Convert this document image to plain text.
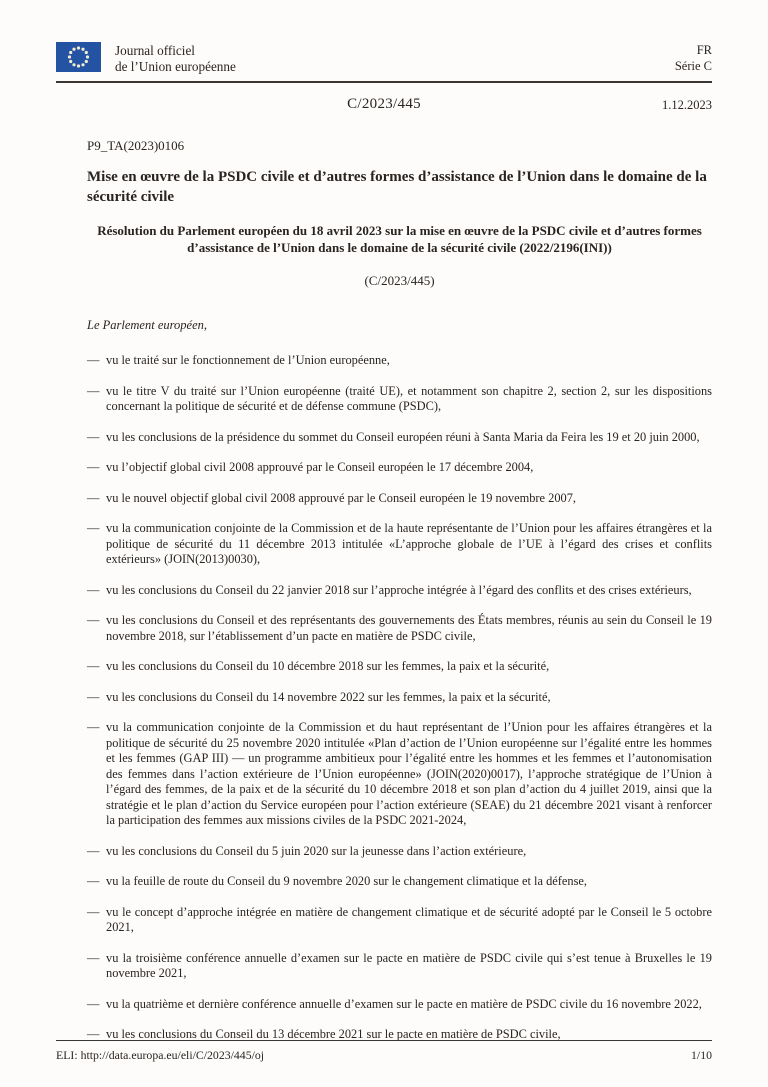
Journal officiel
de l’Union européenne
FR
Série C
C/2023/445	1.12.2023
P9_TA(2023)0106
Mise en œuvre de la PSDC civile et d’autres formes d’assistance de l’Union dans le domaine de la sécurité civile
Résolution du Parlement européen du 18 avril 2023 sur la mise en œuvre de la PSDC civile et d’autres formes d’assistance de l’Union dans le domaine de la sécurité civile (2022/2196(INI))
(C/2023/445)

Le Parlement européen,

— vu le traité sur le fonctionnement de l’Union européenne,
— vu le titre V du traité sur l’Union européenne (traité UE), et notamment son chapitre 2, section 2, sur les dispositions concernant la politique de sécurité et de défense commune (PSDC),
— vu les conclusions de la présidence du sommet du Conseil européen réuni à Santa Maria da Feira les 19 et 20 juin 2000,
— vu l’objectif global civil 2008 approuvé par le Conseil européen le 17 décembre 2004,
— vu le nouvel objectif global civil 2008 approuvé par le Conseil européen le 19 novembre 2007,
— vu la communication conjointe de la Commission et de la haute représentante de l’Union pour les affaires étrangères et la politique de sécurité du 11 décembre 2013 intitulée «L’approche globale de l’UE à l’égard des crises et conflits extérieurs» (JOIN(2013)0030),
— vu les conclusions du Conseil du 22 janvier 2018 sur l’approche intégrée à l’égard des conflits et des crises extérieurs,
— vu les conclusions du Conseil et des représentants des gouvernements des États membres, réunis au sein du Conseil le 19 novembre 2018, sur l’établissement d’un pacte en matière de PSDC civile,
— vu les conclusions du Conseil du 10 décembre 2018 sur les femmes, la paix et la sécurité,
— vu les conclusions du Conseil du 14 novembre 2022 sur les femmes, la paix et la sécurité,
— vu la communication conjointe de la Commission et du haut représentant de l’Union pour les affaires étrangères et la politique de sécurité du 25 novembre 2020 intitulée «Plan d’action de l’Union européenne sur l’égalité entre les hommes et les femmes (GAP III) — un programme ambitieux pour l’égalité entre les hommes et les femmes et l’autonomisation des femmes dans l’action extérieure de l’Union européenne» (JOIN(2020)0017), l’approche stratégique de l’Union à l’égard des femmes, de la paix et de la sécurité du 10 décembre 2018 et son plan d’action du 4 juillet 2019, ainsi que la stratégie et le plan d’action du Service européen pour l’action extérieure (SEAE) du 21 décembre 2021 visant à renforcer la participation des femmes aux missions civiles de la PSDC 2021-2024,
— vu les conclusions du Conseil du 5 juin 2020 sur la jeunesse dans l’action extérieure,
— vu la feuille de route du Conseil du 9 novembre 2020 sur le changement climatique et la défense,
— vu le concept d’approche intégrée en matière de changement climatique et de sécurité adopté par le Conseil le 5 octobre 2021,
— vu la troisième conférence annuelle d’examen sur le pacte en matière de PSDC civile qui s’est tenue à Bruxelles le 19 novembre 2021,
— vu la quatrième et dernière conférence annuelle d’examen sur le pacte en matière de PSDC civile du 16 novembre 2022,
— vu les conclusions du Conseil du 13 décembre 2021 sur le pacte en matière de PSDC civile,
ELI: http://data.europa.eu/eli/C/2023/445/oj	1/10
